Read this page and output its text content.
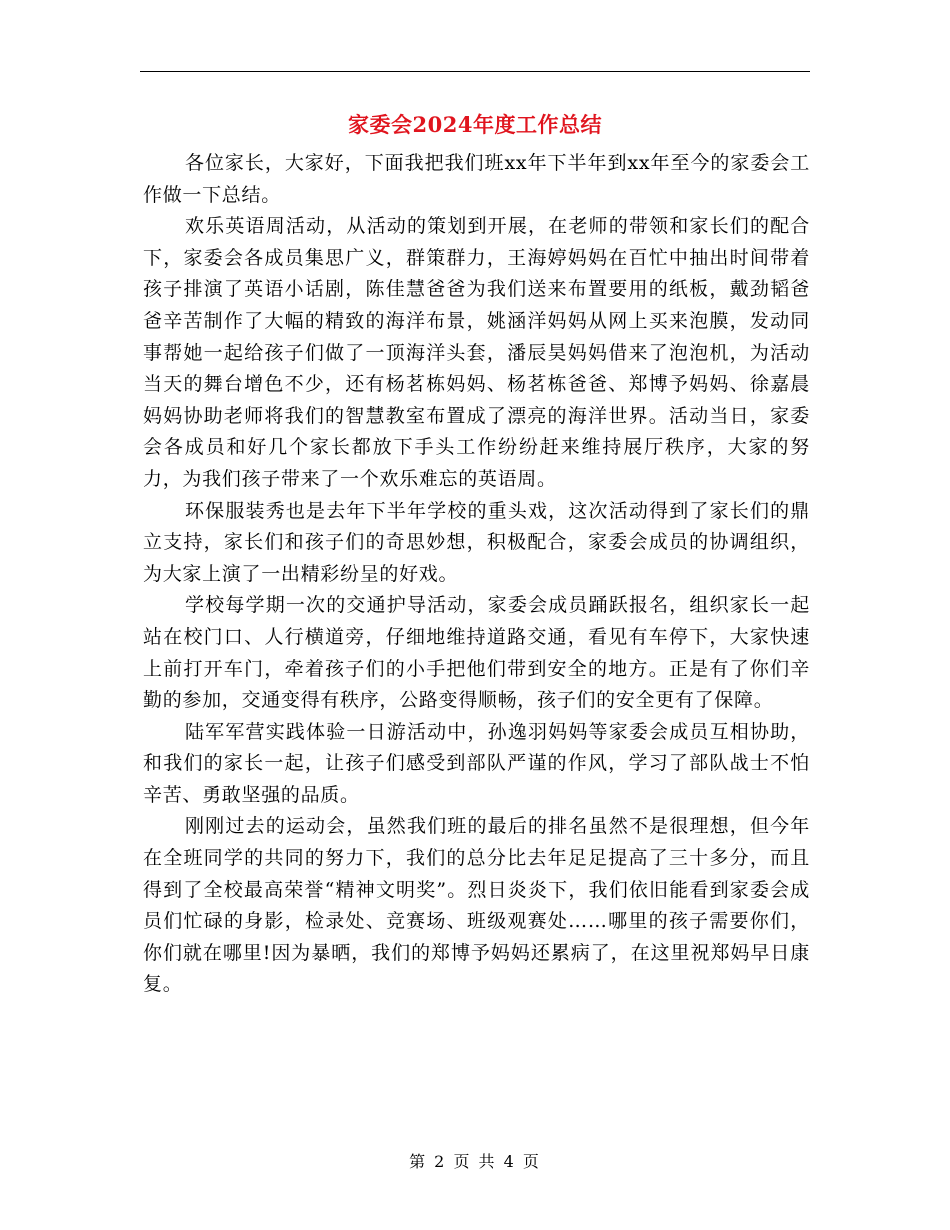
家委会2024年度工作总结

各位家长，大家好，下面我把我们班xx年下半年到xx年至今的家委会工作做一下总结。

欢乐英语周活动，从活动的策划到开展，在老师的带领和家长们的配合下，家委会各成员集思广义，群策群力，王海婷妈妈在百忙中抽出时间带着孩子排演了英语小话剧，陈佳慧爸爸为我们送来布置要用的纸板，戴劲韬爸爸辛苦制作了大幅的精致的海洋布景，姚涵洋妈妈从网上买来泡膜，发动同事帮她一起给孩子们做了一顶海洋头套，潘辰昊妈妈借来了泡泡机，为活动当天的舞台增色不少，还有杨茗栋妈妈、杨茗栋爸爸、郑博予妈妈、徐嘉晨妈妈协助老师将我们的智慧教室布置成了漂亮的海洋世界。活动当日，家委会各成员和好几个家长都放下手头工作纷纷赶来维持展厅秩序，大家的努力，为我们孩子带来了一个欢乐难忘的英语周。

环保服装秀也是去年下半年学校的重头戏，这次活动得到了家长们的鼎立支持，家长们和孩子们的奇思妙想，积极配合，家委会成员的协调组织，为大家上演了一出精彩纷呈的好戏。

学校每学期一次的交通护导活动，家委会成员踊跃报名，组织家长一起站在校门口、人行横道旁，仔细地维持道路交通，看见有车停下，大家快速上前打开车门，牵着孩子们的小手把他们带到安全的地方。正是有了你们辛勤的参加，交通变得有秩序，公路变得顺畅，孩子们的安全更有了保障。

陆军军营实践体验一日游活动中，孙逸羽妈妈等家委会成员互相协助，和我们的家长一起，让孩子们感受到部队严谨的作风，学习了部队战士不怕辛苦、勇敢坚强的品质。

刚刚过去的运动会，虽然我们班的最后的排名虽然不是很理想，但今年在全班同学的共同的努力下，我们的总分比去年足足提高了三十多分，而且得到了全校最高荣誉“精神文明奖”。烈日炎炎下，我们依旧能看到家委会成员们忙碌的身影，检录处、竞赛场、班级观赛处……哪里的孩子需要你们，你们就在哪里!因为暴晒，我们的郑博予妈妈还累病了，在这里祝郑妈早日康复。

第 2 页 共 4 页
